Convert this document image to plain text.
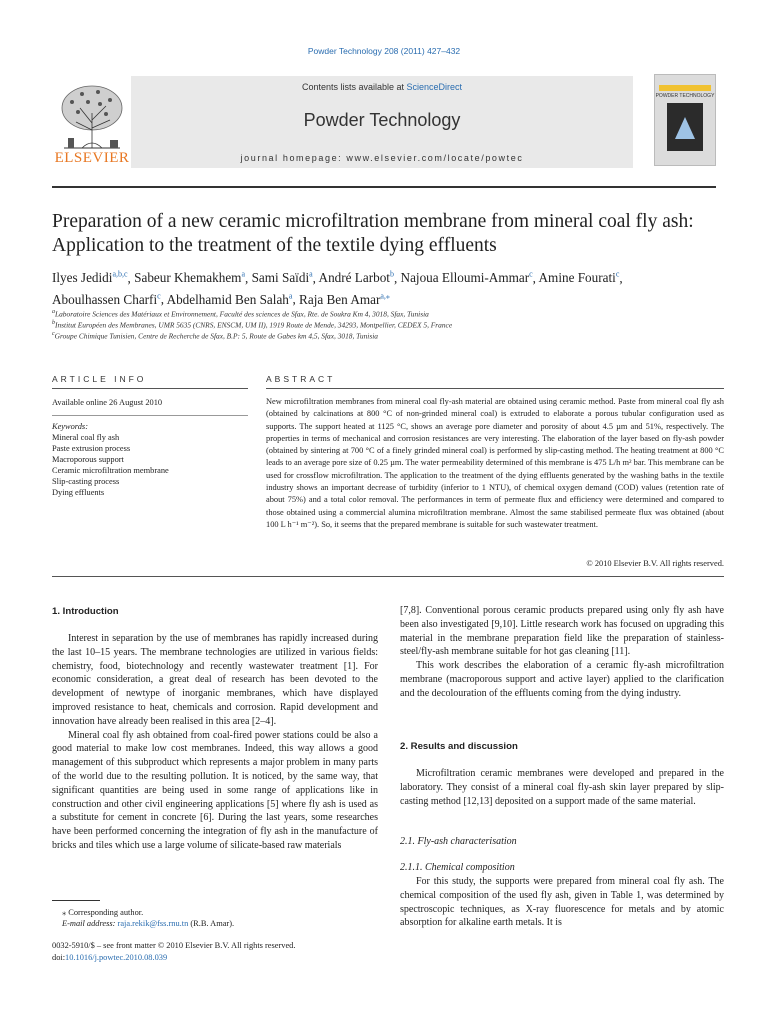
Powder Technology 208 (2011) 427–432
Contents lists available at ScienceDirect
Powder Technology
journal homepage: www.elsevier.com/locate/powtec
ELSEVIER
POWDER TECHNOLOGY
Preparation of a new ceramic microfiltration membrane from mineral coal fly ash:
Application to the treatment of the textile dying effluents
Ilyes Jedidi$^{a,b,c}$, Sabeur Khemakhem$^a$, Sami Saïdi$^a$, André Larbot$^b$, Najoua Elloumi-Ammar$^c$, Amine Fourati$^c$,
Aboulhassen Charfi$^c$, Abdelhamid Ben Salah$^a$, Raja Ben Amar$^{a,⁎}$
$^a$Laboratoire Sciences des Matériaux et Environnement, Faculté des sciences de Sfax, Rte. de Soukra Km 4, 3018, Sfax, Tunisia
$^b$Institut Européen des Membranes, UMR 5635 (CNRS, ENSCM, UM II), 1919 Route de Mende, 34293, Montpellier, CEDEX 5, France
$^c$Groupe Chimique Tunisien, Centre de Recherche de Sfax, B.P: 5, Route de Gabes km 4,5, Sfax, 3018, Tunisia
ARTICLE INFO
Available online 26 August 2010
Keywords:
Mineral coal fly ash
Paste extrusion process
Macroporous support
Ceramic microfiltration membrane
Slip-casting process
Dying effluents
ABSTRACT
New microfiltration membranes from mineral coal fly-ash material are obtained using ceramic method. Paste from mineral coal fly ash (obtained by calcinations at 800 °C of non-grinded mineral coal) is extruded to elaborate a porous tubular configuration used as supports. The support heated at 1125 °C, shows an average pore diameter and porosity of about 4.5 µm and 51%, respectively. The properties in terms of mechanical and corrosion resistances are very interesting. The elaboration of the layer based on fly-ash powder (obtained by sintering at 700 °C of a finely grinded mineral coal) is performed by slip-casting method. The heating treatment at 800 °C leads to an average pore size of 0.25 µm. The water permeability determined of this membrane is 475 L/h m² bar. This membrane can be used for crossflow microfiltration. The application to the treatment of the dying effluents generated by the washing baths in the textile industry shows an important decrease of turbidity (inferior to 1 NTU), of chemical oxygen demand (COD) values (retention rate of about 75%) and a total color removal. The performances in term of permeate flux and efficiency were determined and compared to those obtained using a commercial alumina microfiltration membrane. Almost the same stabilised permeate flux was obtained (about 100 L h⁻¹ m⁻²). So, it seems that the prepared membrane is suitable for such wastewater treatment.
© 2010 Elsevier B.V. All rights reserved.
1. Introduction

Interest in separation by the use of membranes has rapidly increased during the last 10–15 years. The membrane technologies are utilized in various fields: chemistry, food, biotechnology and recently wastewater treatment [1]. For economic consideration, a great deal of research has been devoted to the development of newtype of inorganic membranes, which have displayed improved resistance to heat, chemicals and corrosion. Rapid development and innovation have already been realised in this area [2–4].

Mineral coal fly ash obtained from coal-fired power stations could be also a good material to make low cost membranes. Indeed, this way allows a good management of this subproduct which represents a major problem in many parts of the world due to the resulting pollution. It is noticed, by the same way, that significant quantities are being used in some range of applications like in construction and other civil engineering applications [5] where fly ash is used as a substitute for cement in concrete [6]. During the last years, some researches have been performed concerning the integration of fly ash in the manufacture of bricks and tiles which use a large volume of silicate-based raw materials

⁎ Corresponding author.
E-mail address: raja.rekik@fss.rnu.tn (R.B. Amar).
0032-5910/$ – see front matter © 2010 Elsevier B.V. All rights reserved.
doi:10.1016/j.powtec.2010.08.039

[7,8]. Conventional porous ceramic products prepared using only fly ash have been also investigated [9,10]. Little research work has focused on upgrading this material in the membrane preparation field like the preparation of stainless-steel/fly-ash membrane suitable for hot gas cleaning [11].

This work describes the elaboration of a ceramic fly-ash microfiltration membrane (macroporous support and active layer) applied to the clarification and the decolouration of the effluents coming from the dying industry.

2. Results and discussion

Microfiltration ceramic membranes were developed and prepared in the laboratory. They consist of a mineral coal fly-ash skin layer prepared by slip-casting method [12,13] deposited on a support made of the same material.

2.1. Fly-ash characterisation
2.1.1. Chemical composition

For this study, the supports were prepared from mineral coal fly ash. The chemical composition of the used fly ash, given in Table 1, was determined by spectroscopic techniques, as X-ray fluorescence for metals and by atomic absorption for alkaline earth metals. It is
